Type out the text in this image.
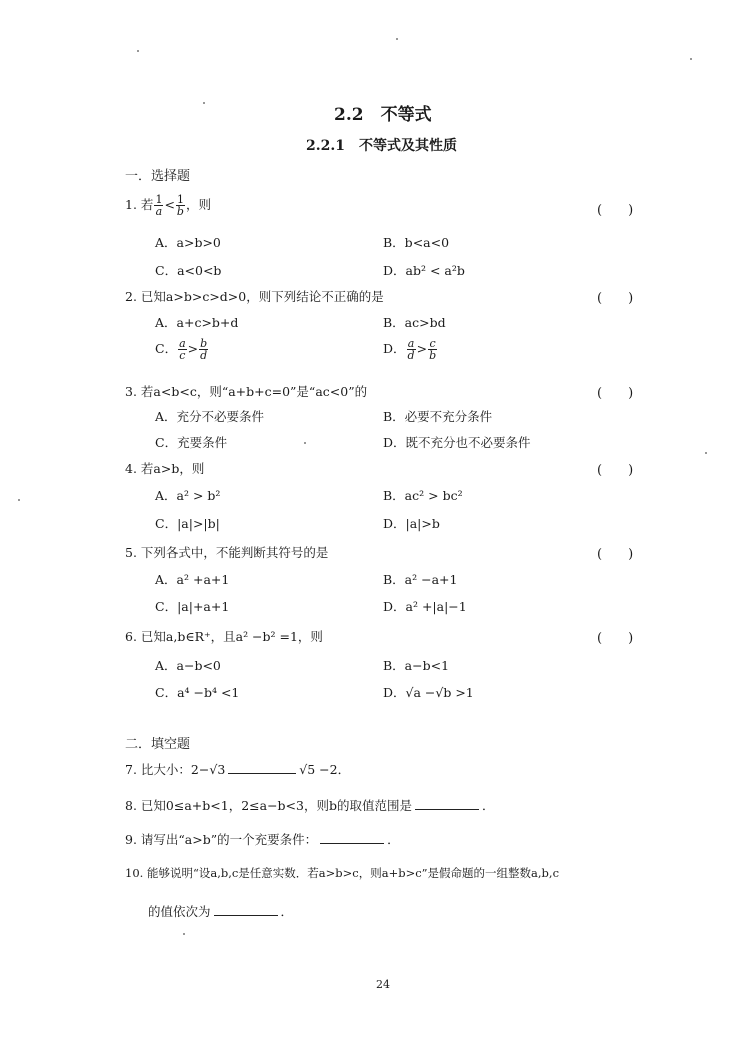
2.2　不等式
2.2.1　不等式及其性质
一．选择题
1. 若 $\frac{1}{a} < \frac{1}{b}$ ，则	(　　)
A．a>b>0	B．b<a<0
C．a<0<b	D．ab² < a²b
2. 已知a>b>c>d>0，则下列结论不正确的是	(　　)
A．a+c>b+d	B．ac>bd
C． $\frac{a}{c} > \frac{b}{d}$	D． $\frac{a}{d} > \frac{c}{b}$
3. 若a<b<c，则“a+b+c=0”是“ac<0”的	(　　)
A．充分不必要条件	B．必要不充分条件
C．充要条件	D．既不充分也不必要条件
4. 若a>b，则	(　　)
A．a² > b²	B．ac² > bc²
C．|a|>|b|	D．|a|>b
5. 下列各式中，不能判断其符号的是	(　　)
A．a² +a+1	B．a² −a+1
C．|a|+a+1	D．a² +|a|−1
6. 已知a,b∈R⁺，且a² −b² =1，则	(　　)
A．a−b<0	B．a−b<1
C．a⁴ −b⁴ <1	D．√a −√b >1
二．填空题
7. 比大小：2−√3	√5 −2．
8. 已知0≤a+b<1，2≤a−b<3，则b的取值范围是	．
9. 请写出“a>b”的一个充要条件：	．
10. 能够说明“设a,b,c是任意实数．若a>b>c，则a+b>c”是假命题的一组整数a,b,c
的值依次为	．
24
